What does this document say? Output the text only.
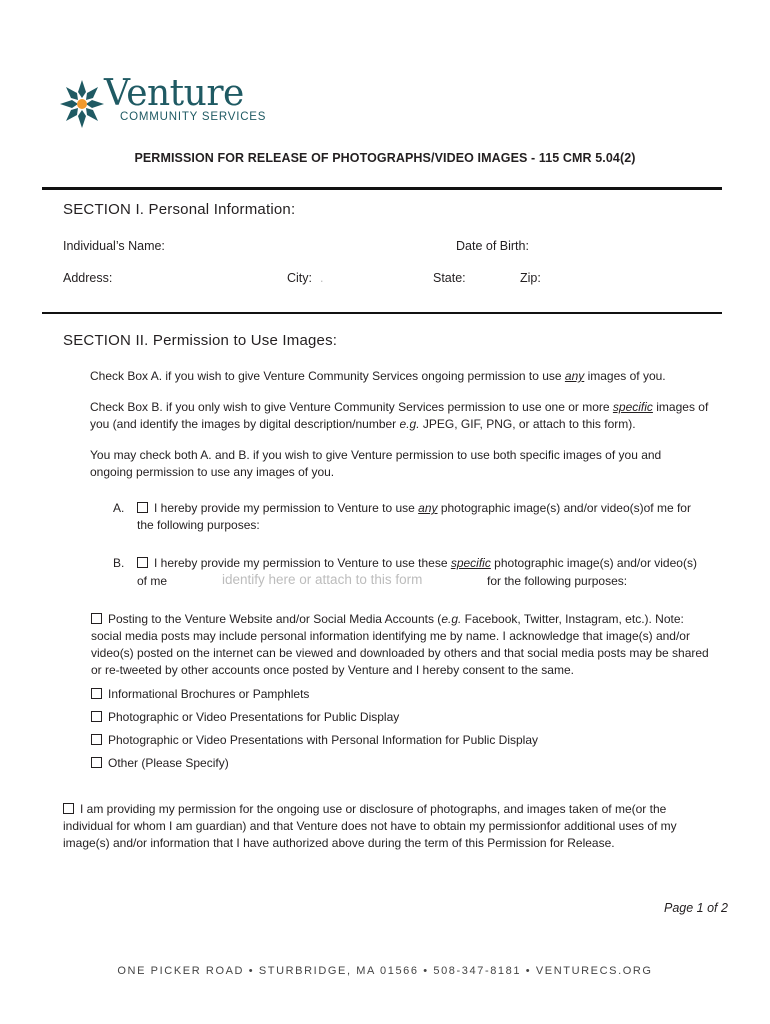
Venture
COMMUNITY SERVICES
PERMISSION FOR RELEASE OF PHOTOGRAPHS/VIDEO IMAGES - 115 CMR 5.04(2)
SECTION I. Personal Information:
Individual’s Name:	Date of Birth:
Address:	City: .	State:	Zip:
SECTION II. Permission to Use Images:
Check Box A. if you wish to give Venture Community Services ongoing permission to use any images of you.
Check Box B. if you only wish to give Venture Community Services permission to use one or more specific images of
you (and identify the images by digital description/number e.g. JPEG, GIF, PNG, or attach to this form).
You may check both A. and B. if you wish to give Venture permission to use both specific images of you and
ongoing permission to use any images of you.
A.	I hereby provide my permission to Venture to use any photographic image(s) and/or video(s)of me for
the following purposes:
B.	I hereby provide my permission to Venture to use these specific photographic image(s) and/or video(s)
of me	identify here or attach to this form	for the following purposes:
Posting to the Venture Website and/or Social Media Accounts (e.g. Facebook, Twitter, Instagram, etc.). Note:
social media posts may include personal information identifying me by name. I acknowledge that image(s) and/or
video(s) posted on the internet can be viewed and downloaded by others and that social media posts may be shared
or re-tweeted by other accounts once posted by Venture and I hereby consent to the same.
Informational Brochures or Pamphlets
Photographic or Video Presentations for Public Display
Photographic or Video Presentations with Personal Information for Public Display
Other (Please Specify)
I am providing my permission for the ongoing use or disclosure of photographs, and images taken of me(or the
individual for whom I am guardian) and that Venture does not have to obtain my permissionfor additional uses of my
image(s) and/or information that I have authorized above during the term of this Permission for Release.
Page 1 of 2
ONE PICKER ROAD • STURBRIDGE, MA 01566 • 508-347-8181 • VENTURECS.ORG
